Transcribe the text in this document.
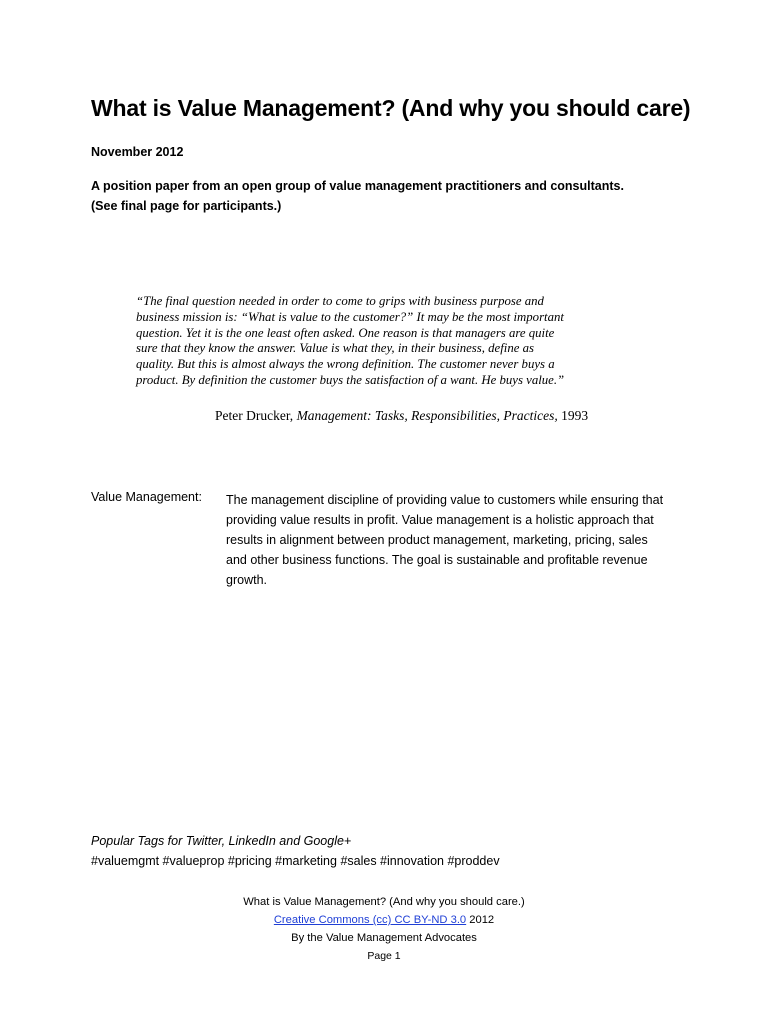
What is Value Management? (And why you should care)
November 2012
A position paper from an open group of value management practitioners and consultants.
(See final page for participants.)
“The final question needed in order to come to grips with business purpose and
business mission is: “What is value to the customer?” It may be the most important
question. Yet it is the one least often asked. One reason is that managers are quite
sure that they know the answer. Value is what they, in their business, define as
quality. But this is almost always the wrong definition. The customer never buys a
product. By definition the customer buys the satisfaction of a want. He buys value.”
Peter Drucker, Management: Tasks, Responsibilities, Practices, 1993
Value Management: The management discipline of providing value to customers while ensuring that
providing value results in profit. Value management is a holistic approach that
results in alignment between product management, marketing, pricing, sales
and other business functions. The goal is sustainable and profitable revenue
growth.
Popular Tags for Twitter, LinkedIn and Google+
#valuemgmt #valueprop #pricing #marketing #sales #innovation #proddev
What is Value Management? (And why you should care.)
Creative Commons (cc) CC BY-ND 3.0 2012
By the Value Management Advocates
Page 1
